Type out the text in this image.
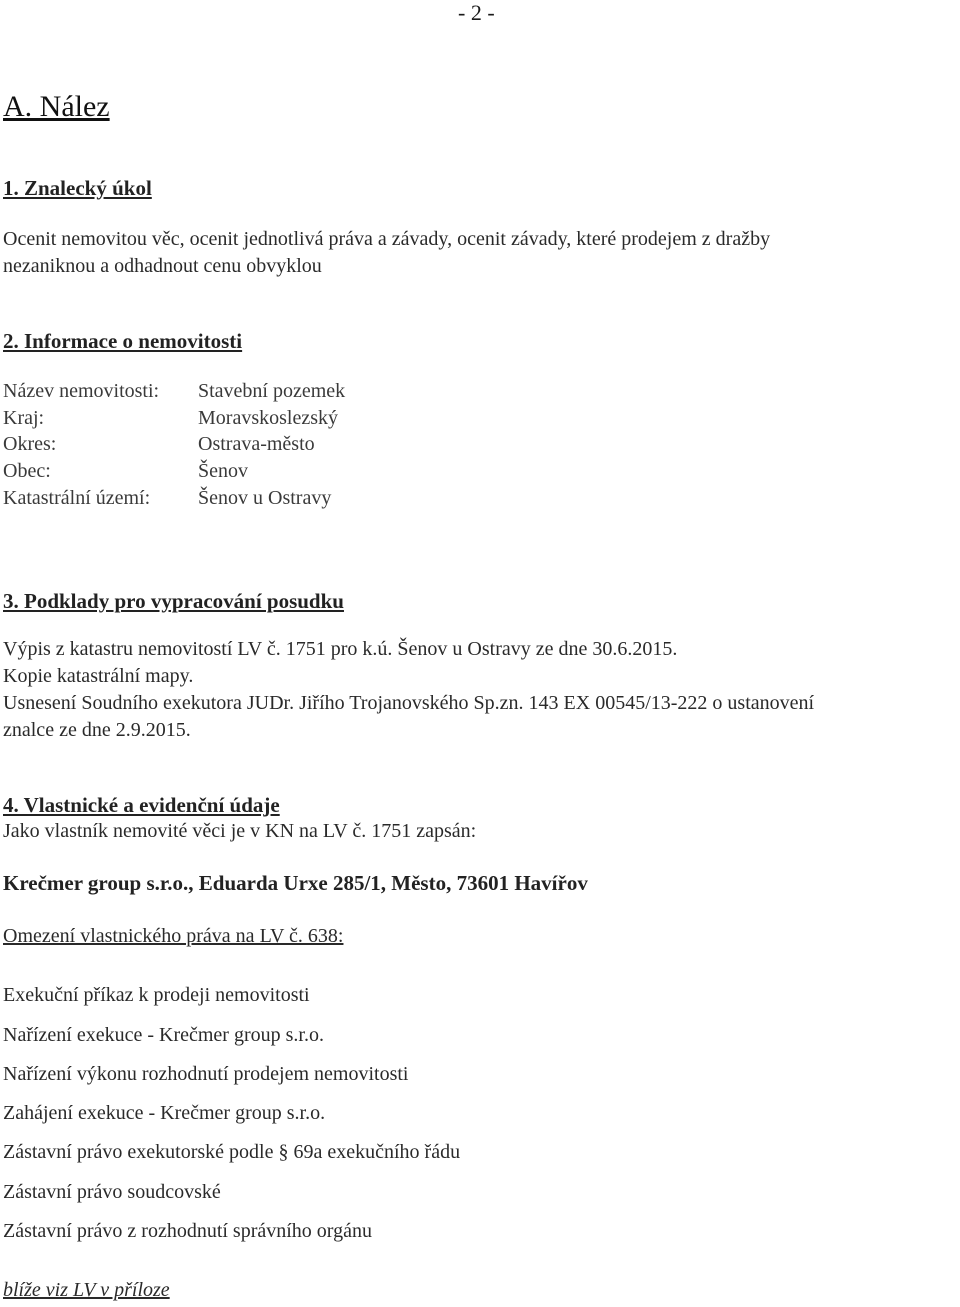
- 2 -
A. Nález
1. Znalecký úkol
Ocenit nemovitou věc, ocenit jednotlivá práva a závady, ocenit závady, které prodejem z dražby
nezaniknou a odhadnout cenu obvyklou
2. Informace o nemovitosti
Název nemovitosti: Stavební pozemek
Kraj:	Moravskoslezský
Okres:	Ostrava-město
Obec:	Šenov
Katastrální území: Šenov u Ostravy
3. Podklady pro vypracování posudku
Výpis z katastru nemovitostí LV č. 1751 pro k.ú. Šenov u Ostravy ze dne 30.6.2015.
Kopie katastrální mapy.
Usnesení Soudního exekutora JUDr. Jiřího Trojanovského Sp.zn. 143 EX 00545/13-222 o ustanovení
znalce ze dne 2.9.2015.
4. Vlastnické a evidenční údaje
Jako vlastník nemovité věci je v KN na LV č. 1751 zapsán:
Krečmer group s.r.o., Eduarda Urxe 285/1, Město, 73601 Havířov
Omezení vlastnického práva na LV č. 638:
Exekuční příkaz k prodeji nemovitosti
Nařízení exekuce - Krečmer group s.r.o.
Nařízení výkonu rozhodnutí prodejem nemovitosti
Zahájení exekuce - Krečmer group s.r.o.
Zástavní právo exekutorské podle § 69a exekučního řádu
Zástavní právo soudcovské
Zástavní právo z rozhodnutí správního orgánu
blíže viz LV v příloze
